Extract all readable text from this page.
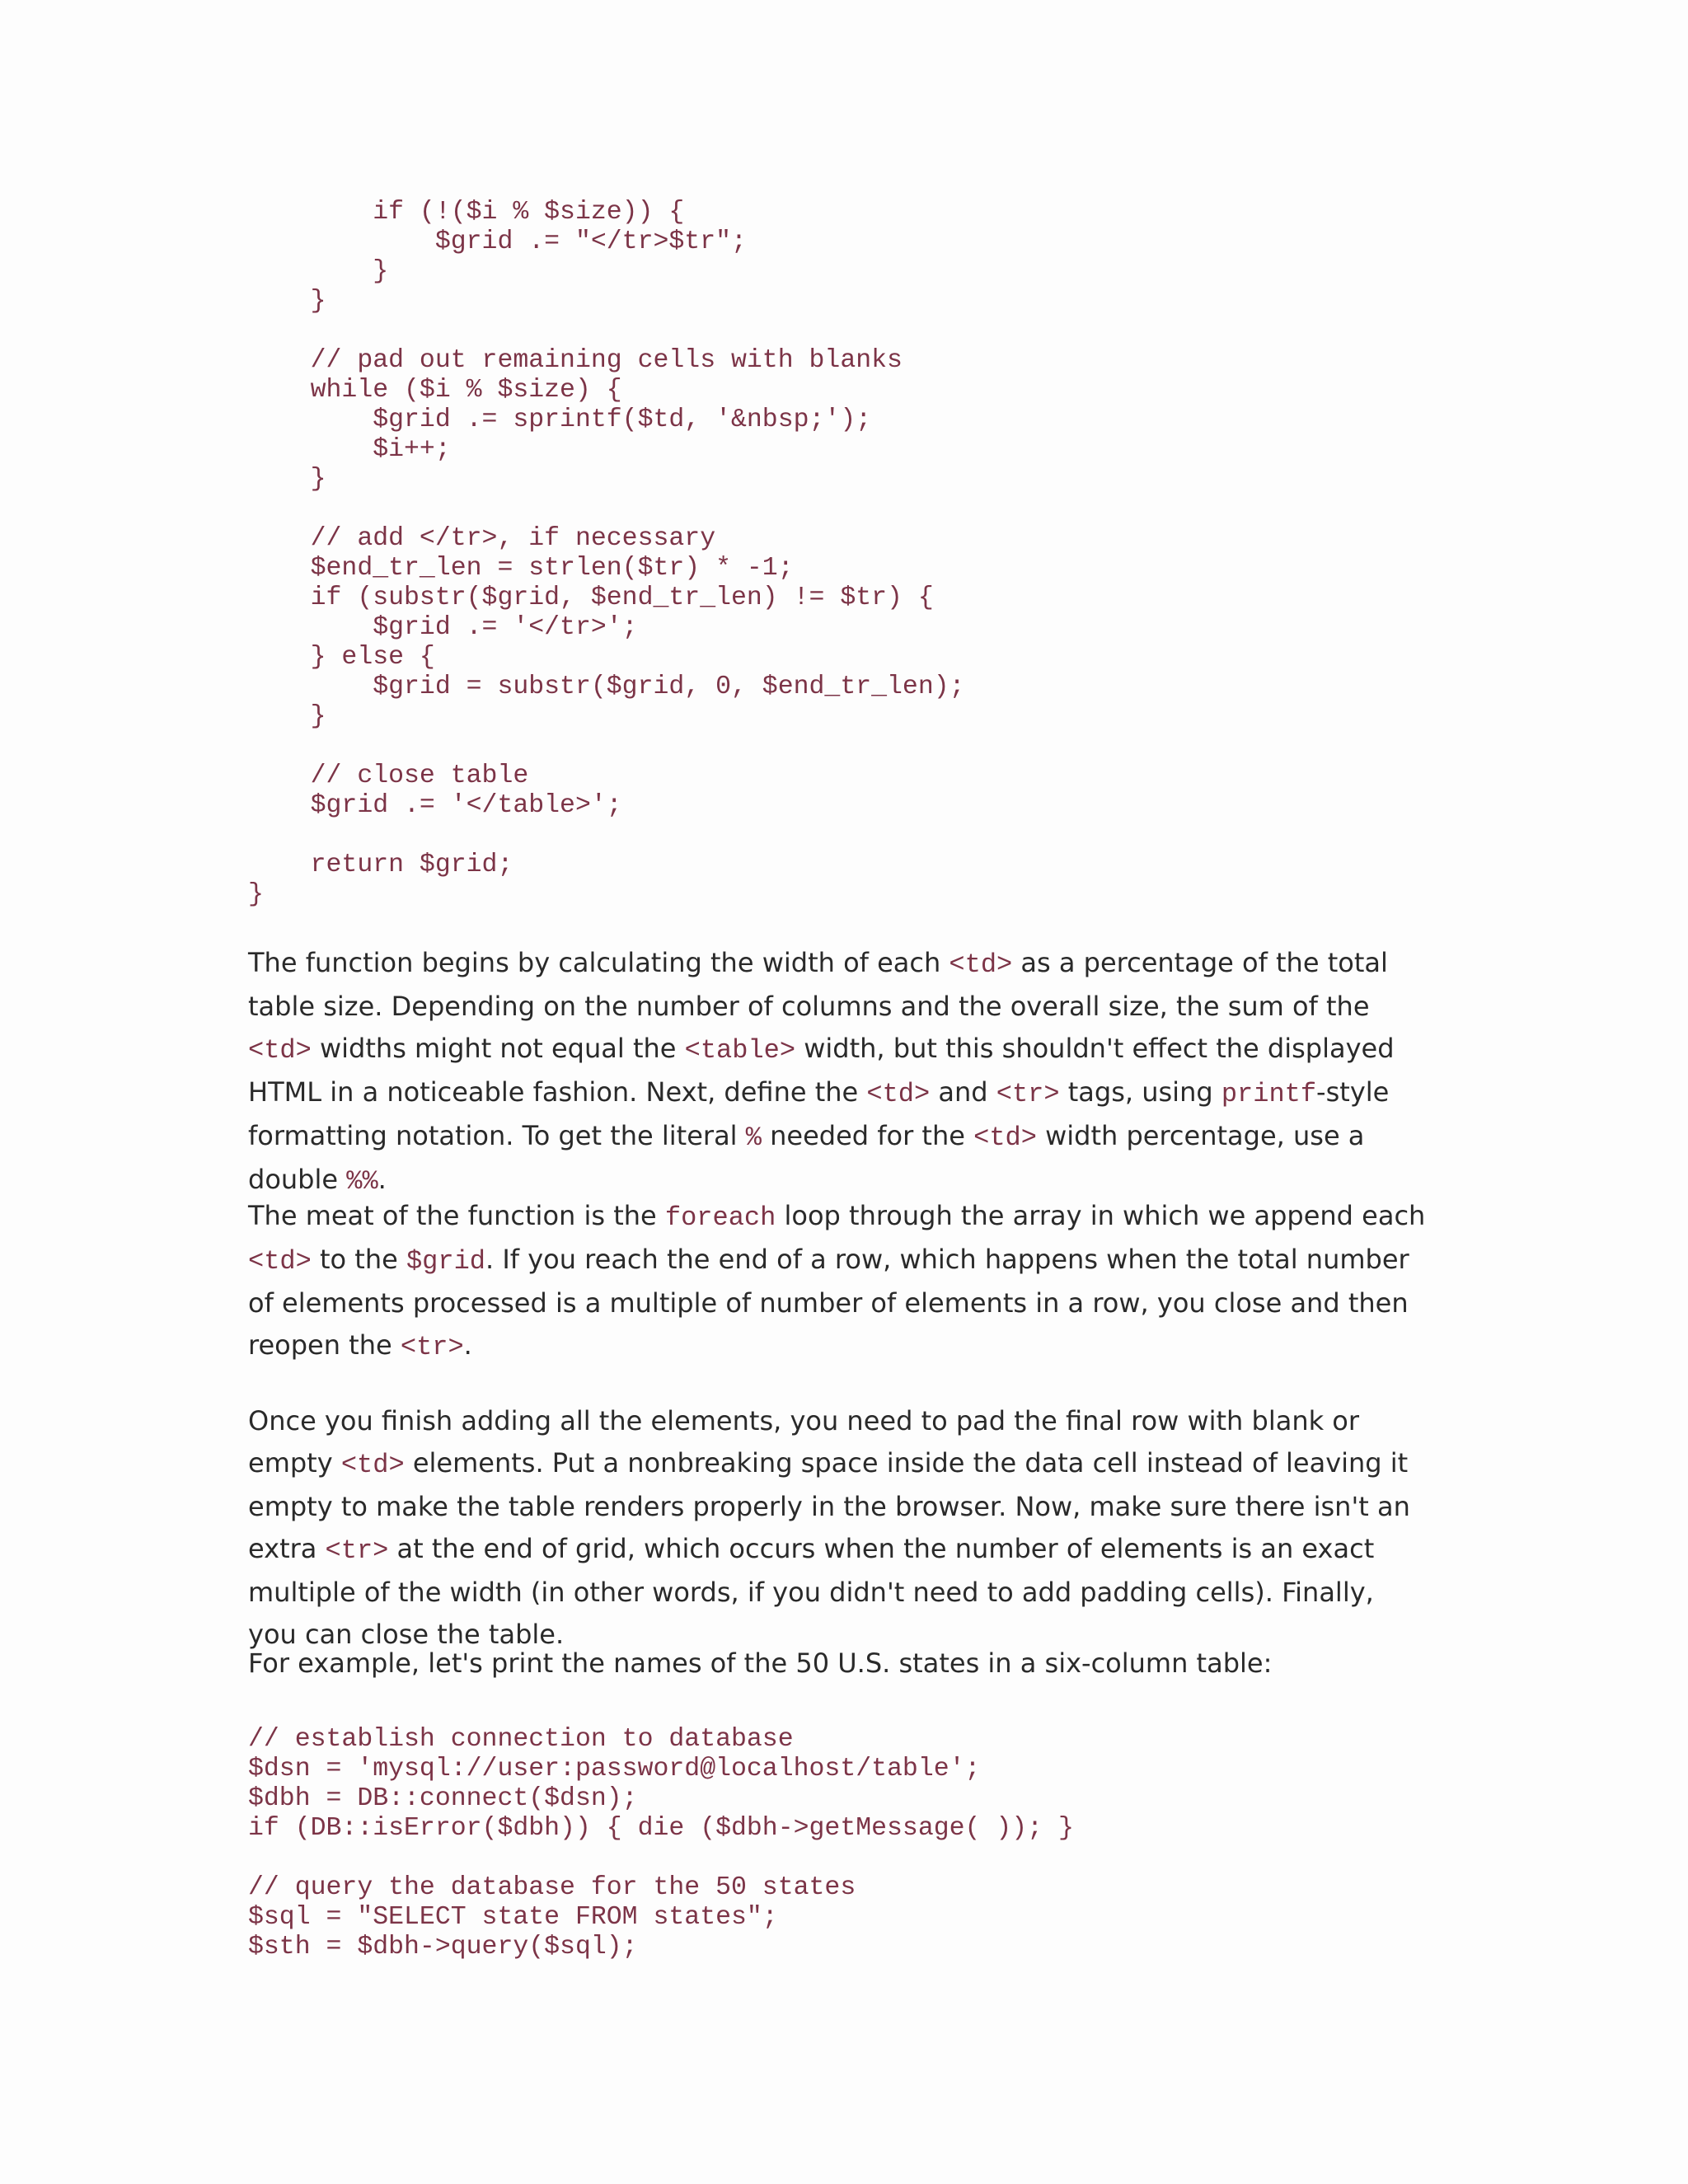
if (!($i % $size)) {
$grid .= "</tr>$tr";
}
}
// pad out remaining cells with blanks
while ($i % $size) {
$grid .= sprintf($td, '&nbsp;');
$i++;
}
// add </tr>, if necessary
$end_tr_len = strlen($tr) * -1;
if (substr($grid, $end_tr_len) != $tr) {
$grid .= '</tr>';
} else {
$grid = substr($grid, 0, $end_tr_len);
}
// close table
$grid .= '</table>';
return $grid;
}

The function begins by calculating the width of each <td> as a percentage of the total table size. Depending on the number of columns and the overall size, the sum of the <td> widths might not equal the <table> width, but this shouldn't effect the displayed HTML in a noticeable fashion. Next, define the <td> and <tr> tags, using printf-style formatting notation. To get the literal % needed for the <td> width percentage, use a double %%.

The meat of the function is the foreach loop through the array in which we append each <td> to the $grid. If you reach the end of a row, which happens when the total number of elements processed is a multiple of number of elements in a row, you close and then reopen the <tr>.

Once you finish adding all the elements, you need to pad the final row with blank or empty <td> elements. Put a nonbreaking space inside the data cell instead of leaving it empty to make the table renders properly in the browser. Now, make sure there isn't an extra <tr> at the end of grid, which occurs when the number of elements is an exact multiple of the width (in other words, if you didn't need to add padding cells). Finally, you can close the table.

For example, let's print the names of the 50 U.S. states in a six-column table:

// establish connection to database
$dsn = 'mysql://user:password@localhost/table';
$dbh = DB::connect($dsn);
if (DB::isError($dbh)) { die ($dbh->getMessage( )); }
// query the database for the 50 states
$sql = "SELECT state FROM states";
$sth = $dbh->query($sql);
